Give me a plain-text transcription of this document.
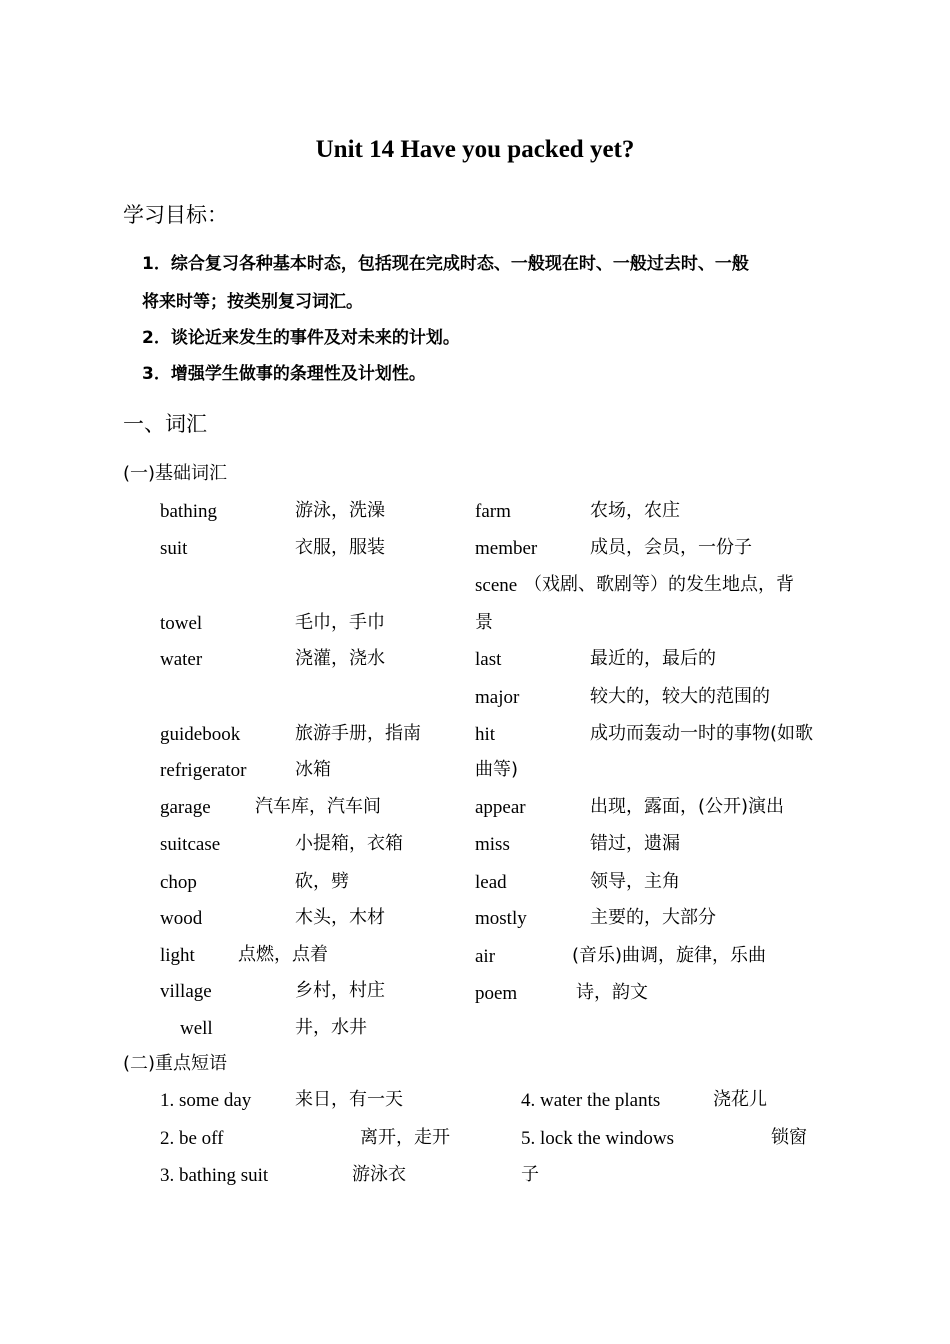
Unit 14 Have you packed yet?
学习目标：
1．综合复习各种基本时态，包括现在完成时态、一般现在时、一般过去时、一般
将来时等；按类别复习词汇。
2．谈论近来发生的事件及对未来的计划。
3．增强学生做事的条理性及计划性。
一、词汇
(一)基础词汇
bathing	游泳，洗澡
suit	衣服，服装
towel	毛巾，手巾
water	浇灌，浇水
guidebook	旅游手册，指南
refrigerator	冰箱
garage 汽车库，汽车间
suitcase	小提箱，衣箱
chop	砍，劈
wood	木头，木材
light 点燃，点着
village	乡村，村庄
well	井，水井
farm	农场，农庄
member	成员，会员，一份子
scene （戏剧、歌剧等）的发生地点，背
景
last	最近的，最后的
major	较大的，较大的范围的
hit	成功而轰动一时的事物(如歌
曲等)
appear	出现，露面，(公开)演出
miss	错过，遗漏
lead	领导，主角
mostly	主要的，大部分
air	(音乐)曲调，旋律，乐曲
poem	诗，韵文
(二)重点短语
1. some day 来日，有一天
2. be off	离开，走开
3. bathing suit	游泳衣
4. water the plants	浇花儿
5. lock the windows	锁窗
子
